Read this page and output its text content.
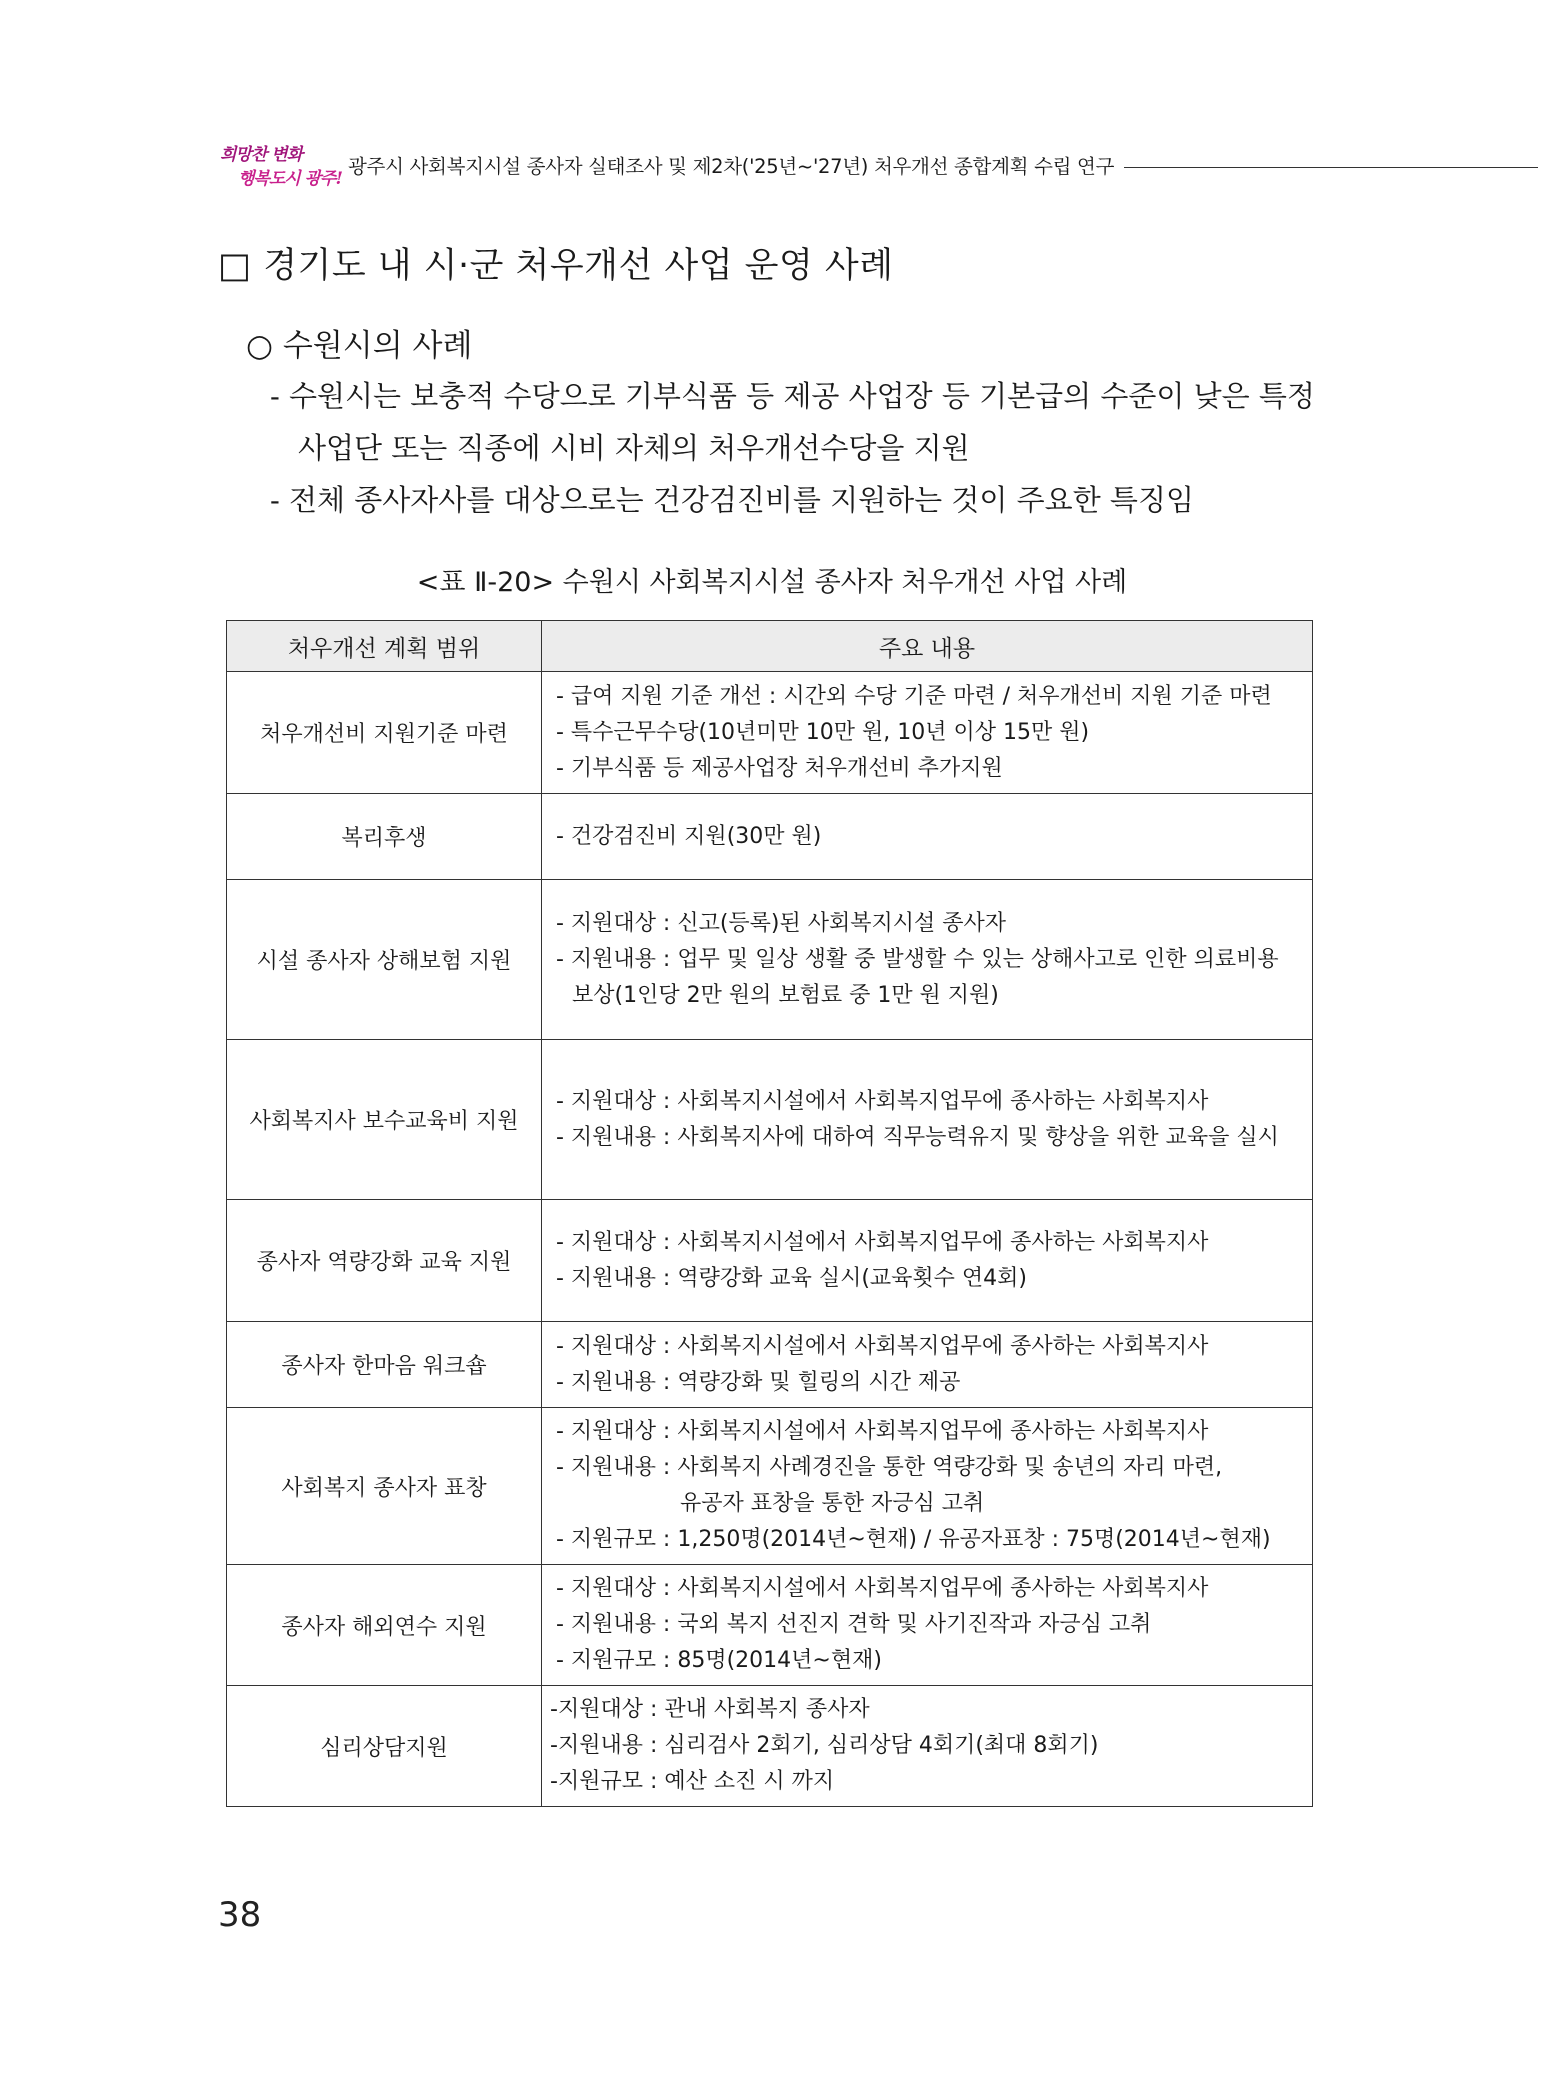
희망찬 변화
행복도시 광주!
광주시 사회복지시설 종사자 실태조사 및 제2차('25년~'27년) 처우개선 종합계획 수립 연구
□ 경기도 내 시·군 처우개선 사업 운영 사례
○ 수원시의 사례
- 수원시는 보충적 수당으로 기부식품 등 제공 사업장 등 기본급의 수준이 낮은 특정
사업단 또는 직종에 시비 자체의 처우개선수당을 지원
- 전체 종사자사를 대상으로는 건강검진비를 지원하는 것이 주요한 특징임
<표 Ⅱ-20> 수원시 사회복지시설 종사자 처우개선 사업 사례
처우개선 계획 범위	주요 내용
처우개선비 지원기준 마련	- 급여 지원 기준 개선 : 시간외 수당 기준 마련 / 처우개선비 지원 기준 마련
- 특수근무수당(10년미만 10만 원, 10년 이상 15만 원)
- 기부식품 등 제공사업장 처우개선비 추가지원

복리후생	- 건강검진비 지원(30만 원)

시설 종사자 상해보험 지원	- 지원대상 : 신고(등록)된 사회복지시설 종사자
- 지원내용 : 업무 및 일상 생활 중 발생할 수 있는 상해사고로 인한 의료비용
보상(1인당 2만 원의 보험료 중 1만 원 지원)

사회복지사 보수교육비 지원	- 지원대상 : 사회복지시설에서 사회복지업무에 종사하는 사회복지사
- 지원내용 : 사회복지사에 대하여 직무능력유지 및 향상을 위한 교육을 실시

종사자 역량강화 교육 지원	- 지원대상 : 사회복지시설에서 사회복지업무에 종사하는 사회복지사
- 지원내용 : 역량강화 교육 실시(교육횟수 연4회)

종사자 한마음 워크숍	- 지원대상 : 사회복지시설에서 사회복지업무에 종사하는 사회복지사
- 지원내용 : 역량강화 및 힐링의 시간 제공

사회복지 종사자 표창	- 지원대상 : 사회복지시설에서 사회복지업무에 종사하는 사회복지사
- 지원내용 : 사회복지 사례경진을 통한 역량강화 및 송년의 자리 마련,
유공자 표창을 통한 자긍심 고취
- 지원규모 : 1,250명(2014년~현재) / 유공자표창 : 75명(2014년~현재)

종사자 해외연수 지원	- 지원대상 : 사회복지시설에서 사회복지업무에 종사하는 사회복지사
- 지원내용 : 국외 복지 선진지 견학 및 사기진작과 자긍심 고취
- 지원규모 : 85명(2014년~현재)

심리상담지원	-지원대상 : 관내 사회복지 종사자
-지원내용 : 심리검사 2회기, 심리상담 4회기(최대 8회기)
-지원규모 : 예산 소진 시 까지
38
